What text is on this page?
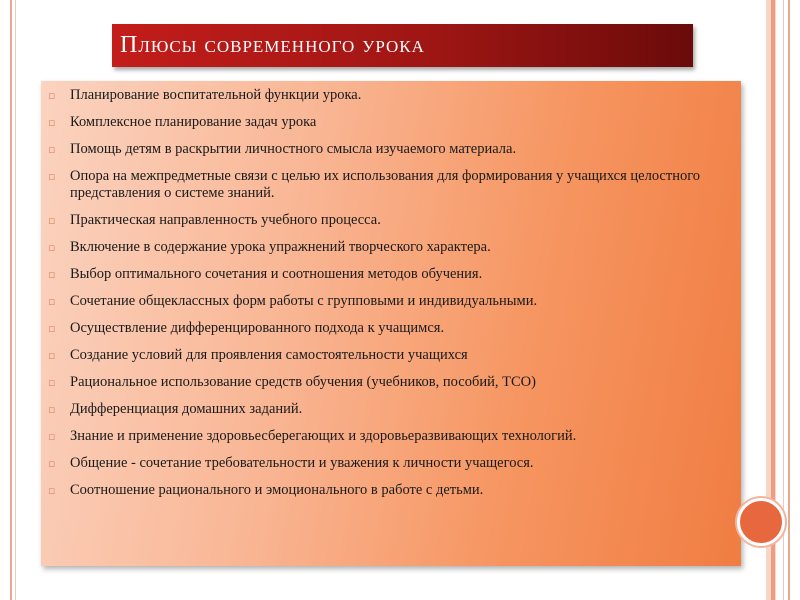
Плюсы современного урока
▫ Планирование воспитательной функции урока.
▫ Комплексное планирование задач урока
▫ Помощь детям в раскрытии личностного смысла изучаемого материала.
▫ Опора на межпредметные связи с целью их использования для формирования у учащихся целостного представления о системе знаний.
▫ Практическая направленность учебного процесса.
▫ Включение в содержание урока упражнений творческого характера.
▫ Выбор оптимального сочетания и соотношения методов обучения.
▫ Сочетание общеклассных форм работы с групповыми и индивидуальными.
▫ Осуществление дифференцированного подхода к учащимся.
▫ Создание условий для проявления самостоятельности учащихся
▫ Рациональное использование средств обучения (учебников, пособий, ТСО)
▫ Дифференциация домашних заданий.
▫ Знание и применение здоровьесберегающих и здоровьеразвивающих технологий.
▫ Общение - сочетание требовательности и уважения к личности учащегося.
▫ Соотношение рационального и эмоционального в работе с детьми.
